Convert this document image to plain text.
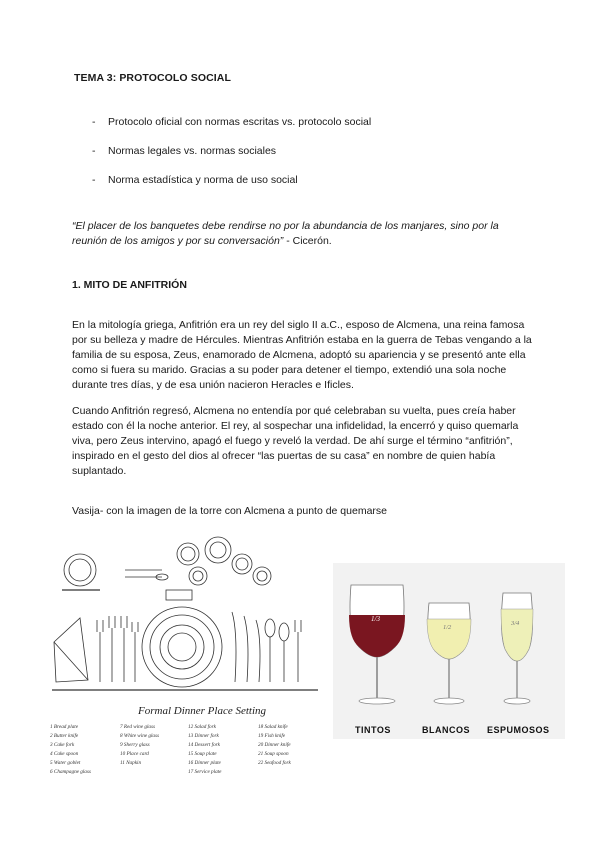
TEMA 3: PROTOCOLO SOCIAL
- Protocolo oficial con normas escritas vs. protocolo social
- Normas legales vs. normas sociales
- Norma estadística y norma de uso social
“El placer de los banquetes debe rendirse no por la abundancia de los manjares, sino por la reunión de los amigos y por su conversación” - Cicerón.
1. MITO DE ANFITRIÓN

En la mitología griega, Anfitrión era un rey del siglo II a.C., esposo de Alcmena, una reina famosa por su belleza y madre de Hércules. Mientras Anfitrión estaba en la guerra de Tebas vengando a la familia de su esposa, Zeus, enamorado de Alcmena, adoptó su apariencia y se presentó ante ella como si fuera su marido. Gracias a su poder para detener el tiempo, extendió una sola noche durante tres días, y de esa unión nacieron Heracles e Ificles.

Cuando Anfitrión regresó, Alcmena no entendía por qué celebraban su vuelta, pues creía haber estado con él la noche anterior. El rey, al sospechar una infidelidad, la encerró y quiso quemarla viva, pero Zeus intervino, apagó el fuego y reveló la verdad. De ahí surge el término “anfitrión”, inspirado en el gesto del dios al ofrecer “las puertas de su casa” en nombre de quien había suplantado.

Vasija- con la imagen de la torre con Alcmena a punto de quemarse
Formal Dinner Place Setting
1 Bread plate
2 Butter knife
3 Cake fork
4 Cake spoon
5 Water goblet
6 Champagne glass
7 Red wine glass
8 White wine glass
9 Sherry glass
10 Place card
11 Napkin
12 Salad fork
13 Dinner fork
14 Dessert fork
15 Soup plate
16 Dinner plate
17 Service plate
18 Salad knife
19 Fish knife
20 Dinner knife
21 Soup spoon
22 Seafood fork
1/3
1/2
3/4
TINTOS	BLANCOS ESPUMOSOS
